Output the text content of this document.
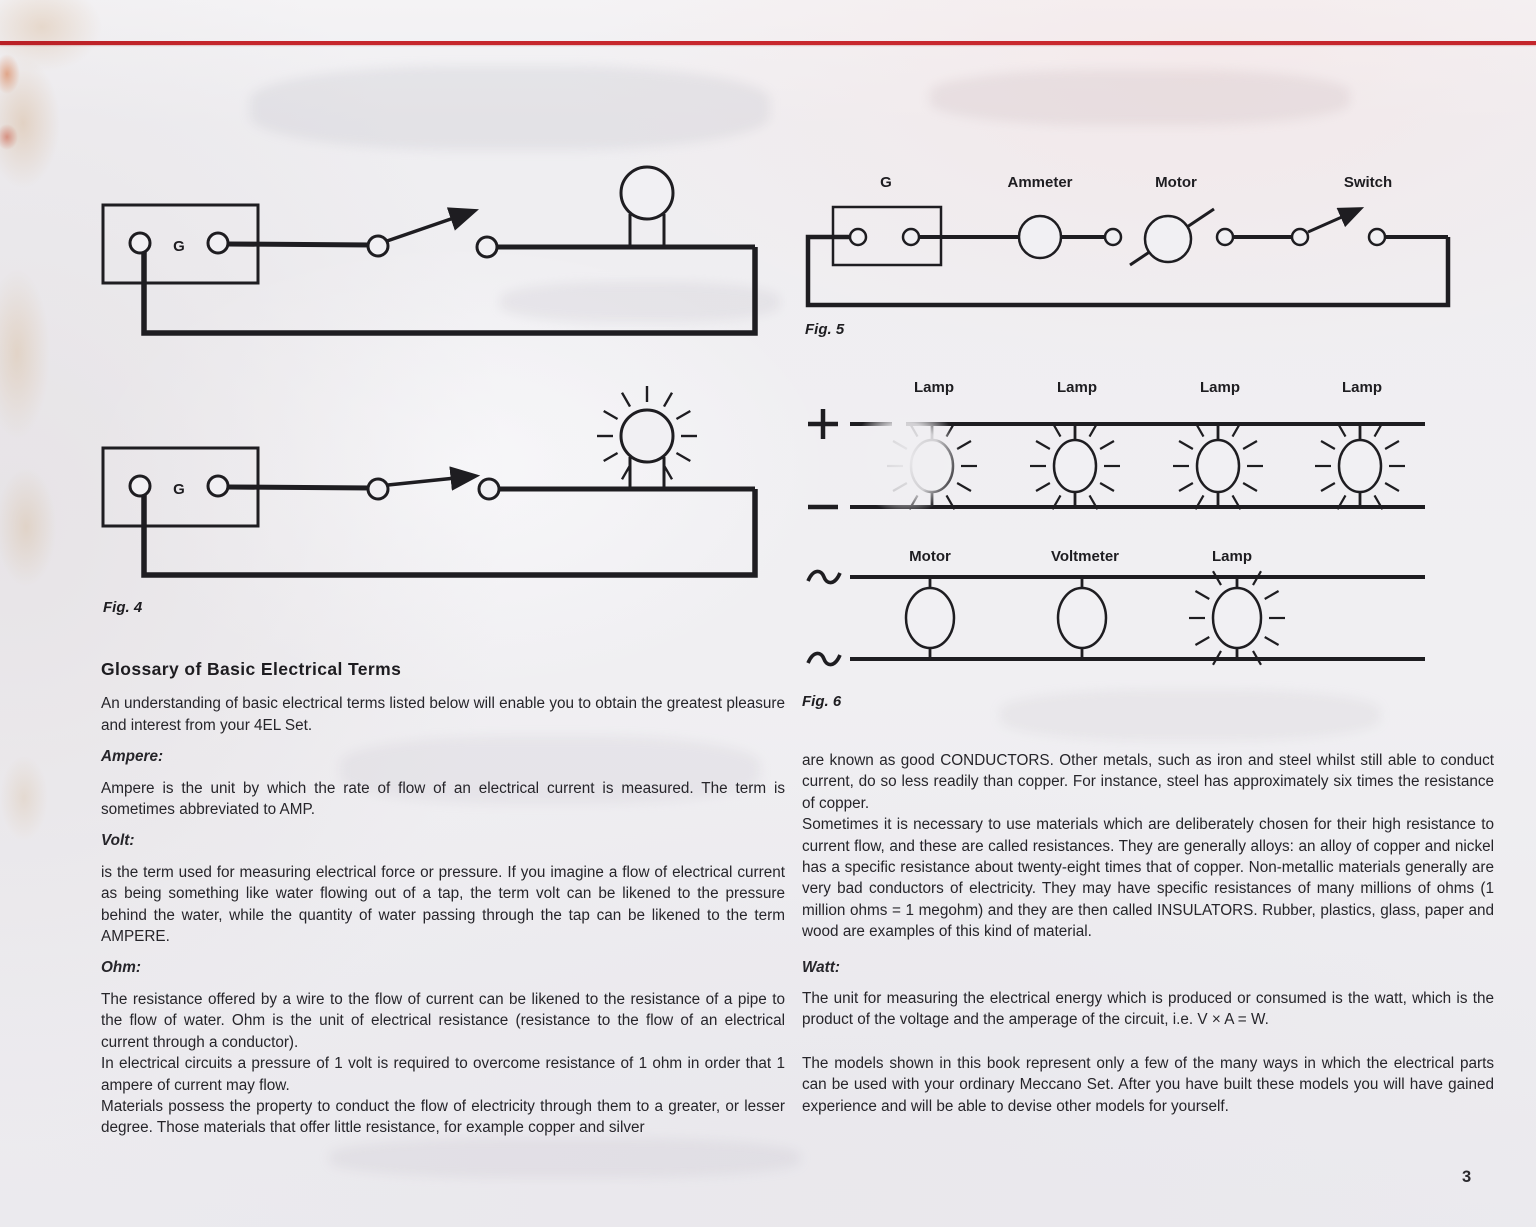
G
G
Fig. 4
G	Ammeter	Motor	Switch
Fig. 5
Lamp	Lamp	Lamp	Lamp
Motor	Voltmeter	Lamp
Fig. 6
Glossary of Basic Electrical Terms

An understanding of basic electrical terms listed below will enable you to obtain the greatest pleasure and interest from your 4EL Set.

Ampere:

Ampere is the unit by which the rate of flow of an electrical current is measured. The term is sometimes abbreviated to AMP.

Volt:

is the term used for measuring electrical force or pressure. If you imagine a flow of electrical current as being something like water flowing out of a tap, the term volt can be likened to the pressure behind the water, while the quantity of water passing through the tap can be likened to the term AMPERE.

Ohm:

The resistance offered by a wire to the flow of current can be likened to the resistance of a pipe to the flow of water. Ohm is the unit of electrical resistance (resistance to the flow of an electrical current through a conductor).
In electrical circuits a pressure of 1 volt is required to overcome resistance of 1 ohm in order that 1 ampere of current may flow.
Materials possess the property to conduct the flow of electricity through them to a greater, or lesser degree. Those materials that offer little resistance, for example copper and silver

are known as good CONDUCTORS. Other metals, such as iron and steel whilst still able to conduct current, do so less readily than copper. For instance, steel has approximately six times the resistance of copper.
Sometimes it is necessary to use materials which are deliberately chosen for their high resistance to current flow, and these are called resistances. They are generally alloys: an alloy of copper and nickel has a specific resistance about twenty-eight times that of copper. Non-metallic materials generally are very bad conductors of electricity. They may have specific resistances of many millions of ohms (1 million ohms = 1 megohm) and they are then called INSULATORS. Rubber, plastics, glass, paper and wood are examples of this kind of material.

Watt:

The unit for measuring the electrical energy which is produced or consumed is the watt, which is the product of the voltage and the amperage of the circuit, i.e. V × A = W.

The models shown in this book represent only a few of the many ways in which the electrical parts can be used with your ordinary Meccano Set. After you have built these models you will have gained experience and will be able to devise other models for yourself.

3
